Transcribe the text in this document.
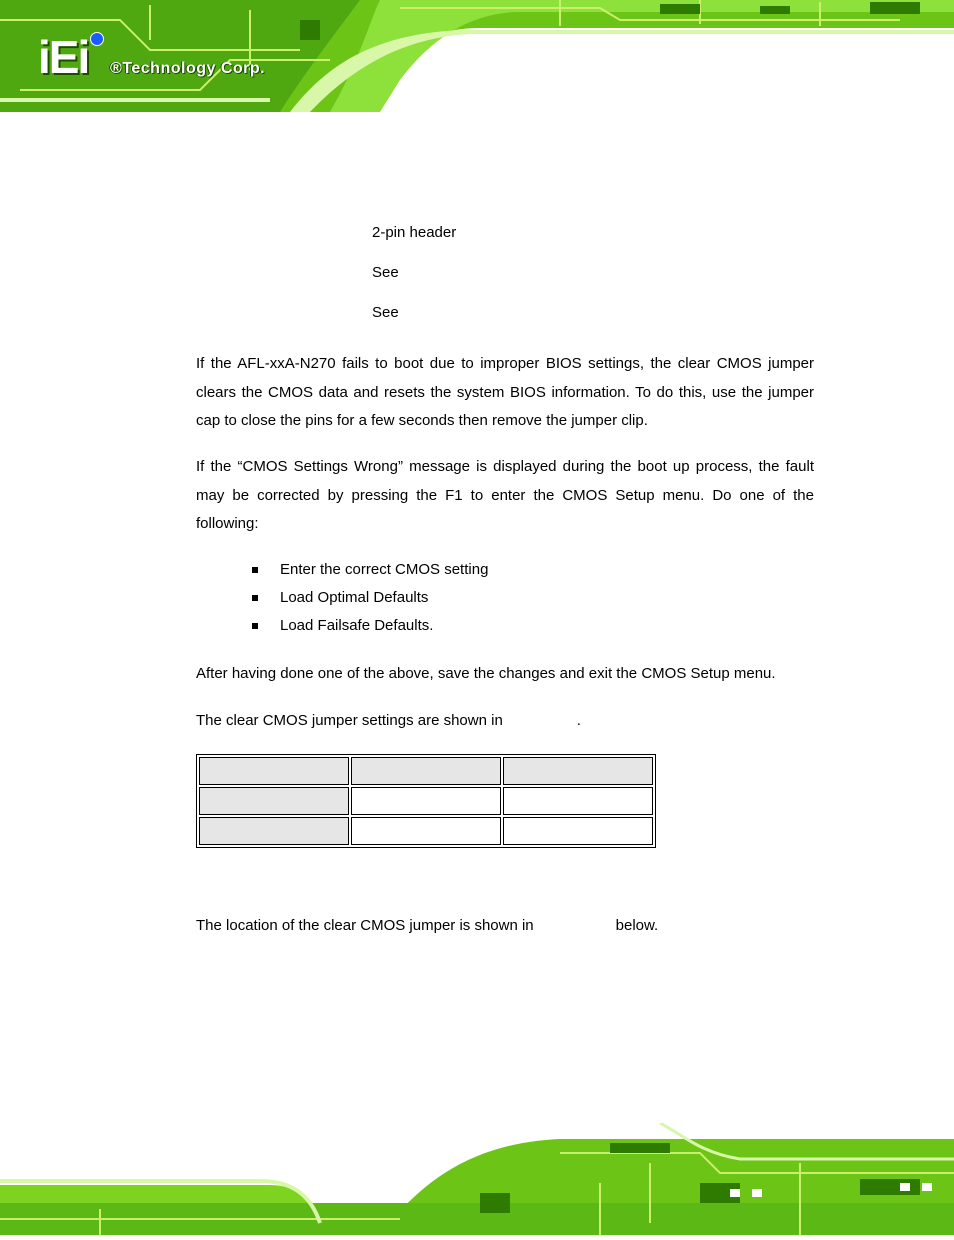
iEi ®Technology Corp.
2-pin header
See
See

If the AFL-xxA-N270 fails to boot due to improper BIOS settings, the clear CMOS jumper clears the CMOS data and resets the system BIOS information. To do this, use the jumper cap to close the pins for a few seconds then remove the jumper clip.

If the “CMOS Settings Wrong” message is displayed during the boot up process, the fault may be corrected by pressing the F1 to enter the CMOS Setup menu. Do one of the following:

Enter the correct CMOS setting
Load Optimal Defaults
Load Failsafe Defaults.

After having done one of the above, save the changes and exit the CMOS Setup menu.

The clear CMOS jumper settings are shown in	.

The location of the clear CMOS jumper is shown in	below.
